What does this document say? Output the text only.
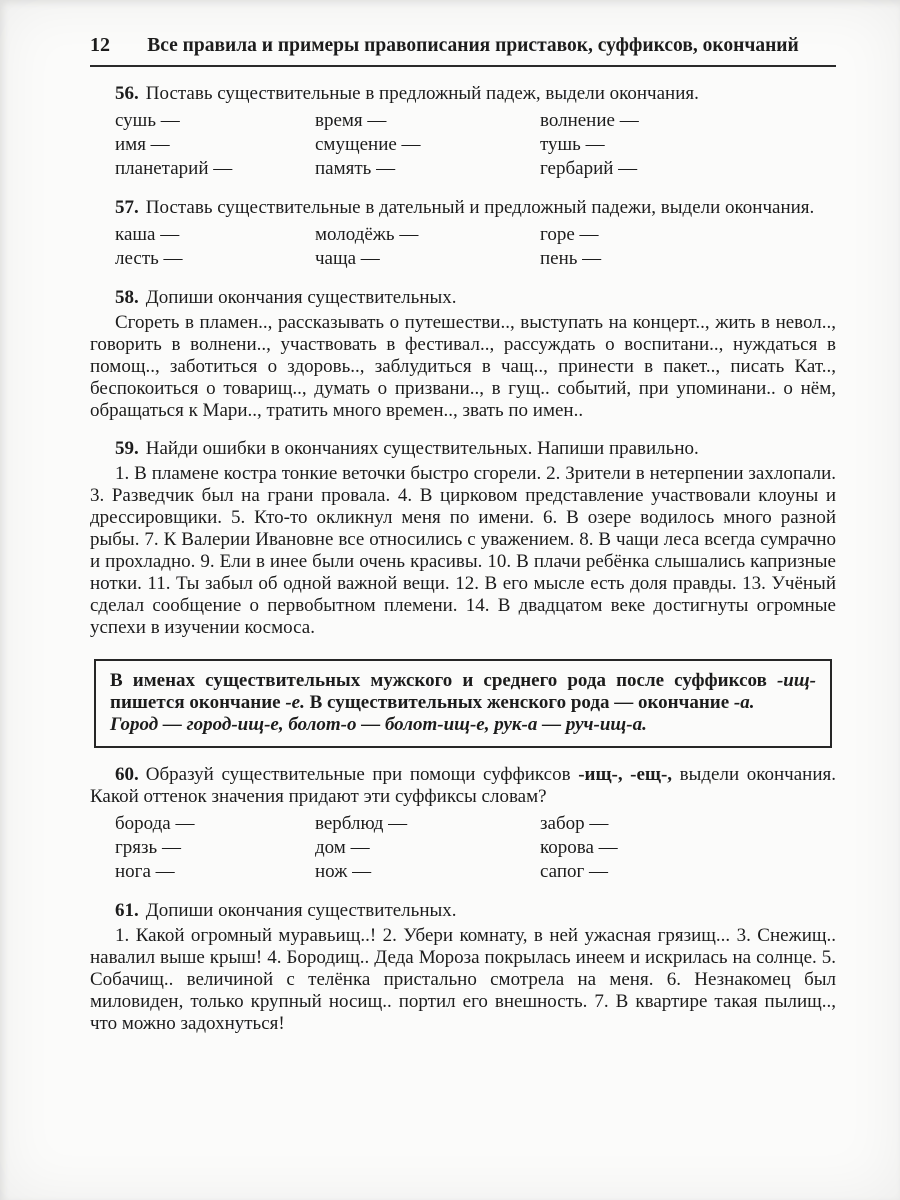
12	Все правила и примеры правописания приставок, суффиксов, окончаний
56. Поставь существительные в предложный падеж, выдели окончания.
сушь —	время —	волнение —
имя —	смущение —	тушь —
планетарий —	память —	гербарий —
57. Поставь существительные в дательный и предложный падежи, выдели окончания.
каша —	молодёжь —	горе —
лесть —	чаща —	пень —
58. Допиши окончания существительных.

Сгореть в пламен.., рассказывать о путешестви.., выступать на концерт.., жить в невол.., говорить в волнени.., участвовать в фестивал.., рассуждать о воспитани.., нуждаться в помощ.., заботиться о здоровь.., заблудиться в чащ.., принести в пакет.., писать Кат.., беспокоиться о товарищ.., думать о призвани.., в гущ.. событий, при упоминани.. о нём, обращаться к Мари.., тратить много времен.., звать по имен..

59. Найди ошибки в окончаниях существительных. Напиши правильно.

1. В пламене костра тонкие веточки быстро сгорели. 2. Зрители в нетерпении захлопали. 3. Разведчик был на грани провала. 4. В цирковом представление участвовали клоуны и дрессировщики. 5. Кто-то окликнул меня по имени. 6. В озере водилось много разной рыбы. 7. К Валерии Ивановне все относились с уважением. 8. В чащи леса всегда сумрачно и прохладно. 9. Ели в инее были очень красивы. 10. В плачи ребёнка слышались капризные нотки. 11. Ты забыл об одной важной вещи. 12. В его мысле есть доля правды. 13. Учёный сделал сообщение о первобытном племени. 14. В двадцатом веке достигнуты огромные успехи в изучении космоса.

В именах существительных мужского и среднего рода после суффиксов -ищ- пишется окончание -е. В существительных женского рода — окончание -а.

Город — город-ищ-е, болот-о — болот-ищ-е, рук-а — руч-ищ-а.

60. Образуй существительные при помощи суффиксов -ищ-, -ещ-, выдели окончания. Какой оттенок значения придают эти суффиксы словам?
борода —	верблюд —	забор —
грязь —	дом —	корова —
нога —	нож —	сапог —
61. Допиши окончания существительных.

1. Какой огромный муравьищ..! 2. Убери комнату, в ней ужасная грязищ... 3. Снежищ.. навалил выше крыш! 4. Бородищ.. Деда Мороза покрылась инеем и искрилась на солнце. 5. Собачищ.. величиной с телёнка пристально смотрела на меня. 6. Незнакомец был миловиден, только крупный носищ.. портил его внешность. 7. В квартире такая пылищ.., что можно задохнуться!
